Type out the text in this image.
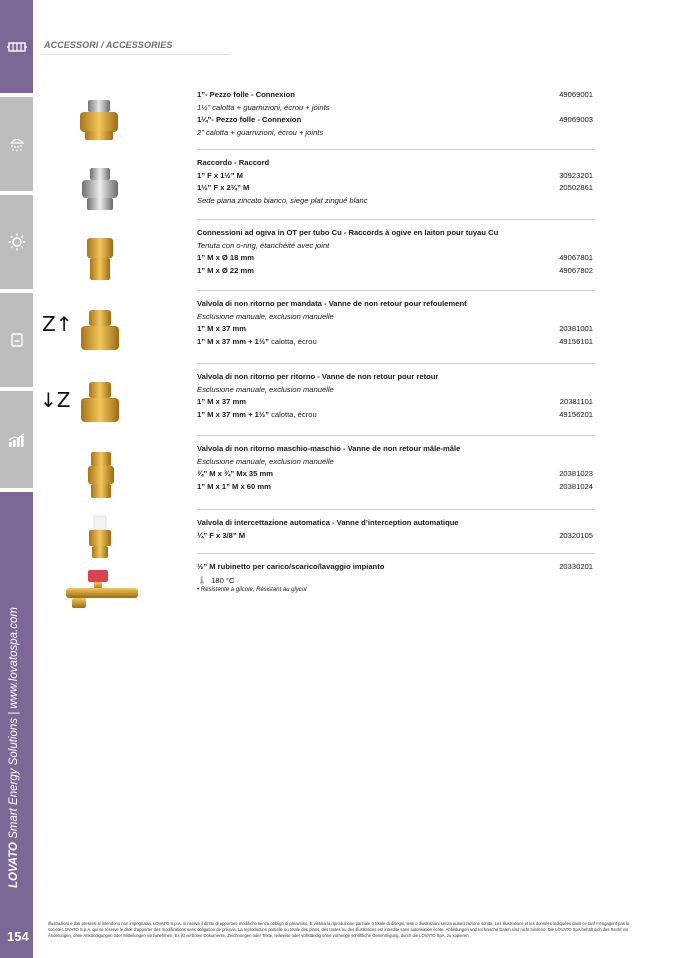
LOVATO Smart Energy Solutions | www.lovatospa.com
154
ACCESSORI / ACCESSORIES
Z↑
↓Z
1”- Pezzo folle - Connexion	49069001
1½” calotta + guarnizioni, écrou + joints
1¼”- Pezzo folle - Connexion	49069003
2” calotta + guarnizioni, écrou + joints
Raccordo - Raccord
1” F x 1½” M	30923201
1½” F x 2¼” M	20502861
Sede piana zincato bianco, siege plat zingué blanc
Connessioni ad ogiva in OT per tubo Cu - Raccords à ogive en laiton pour tuyau Cu
Tenuta con o-ring, étanchéité avec joint
1” M x Ø 18 mm	49067801
1” M x Ø 22 mm	49067802
Valvola di non ritorno per mandata - Vanne de non retour pour refoulement
Esclusione manuale, exclusion manuelle
1” M x 37 mm	20381001
1” M x 37 mm + 1½” calotta, écrou	49156101
Valvola di non ritorno per ritorno - Vanne de non retour pour retour
Esclusione manuale, exclusion manuelle
1” M x 37 mm	20381101
1” M x 37 mm + 1½” calotta, écrou	49156201
Valvola di non ritorno maschio-maschio - Vanne de non retour mâle-mâle
Esclusione manuale, exclusion manuelle
¾” M x ¾” Mx 35 mm	20381023
1” M x 1” M x 60 mm	20381024
Valvola di intercettazione automatica - Vanne d’interception automatique
¼” F x 3/8” M	20320105
½” M rubinetto per carico/scarico/lavaggio impianto	20330201
🌡 180 °C
• Resistente a glicole, Résistant au glycol
Illustrazioni e dati presenti si intendono non impegnativi. LOVATO S.p.A. si riserva il diritto di apportare modifiche senza obbligo di preavviso. È vietata la riproduzione parziale o totale di disegni, testi o illustrazioni senza autorizzazione scritta. Les illustrations et les données indiquées dans ce tarif n’engagent pas la société LOVATO S.p.A. qui se réserve le droit d’apporter des modifications sans obligation de préavis. La reproduction partielle ou totale des plans, des textes ou des illustrations est interdite sans autorisation écrite. Abbildungen und technische Daten sind nicht bindend. Die LOVATO SpA behält sich das Recht vor Änderungen, ohne Ankündigungen oder Mitteilungen vorzunehmen. Es ist verboten Dokumente, Zeichnungen oder Texte, teilweise oder vollständig ohne vorherige schriftliche Genehmigung, durch die LOVATO SpA, zu kopieren.
